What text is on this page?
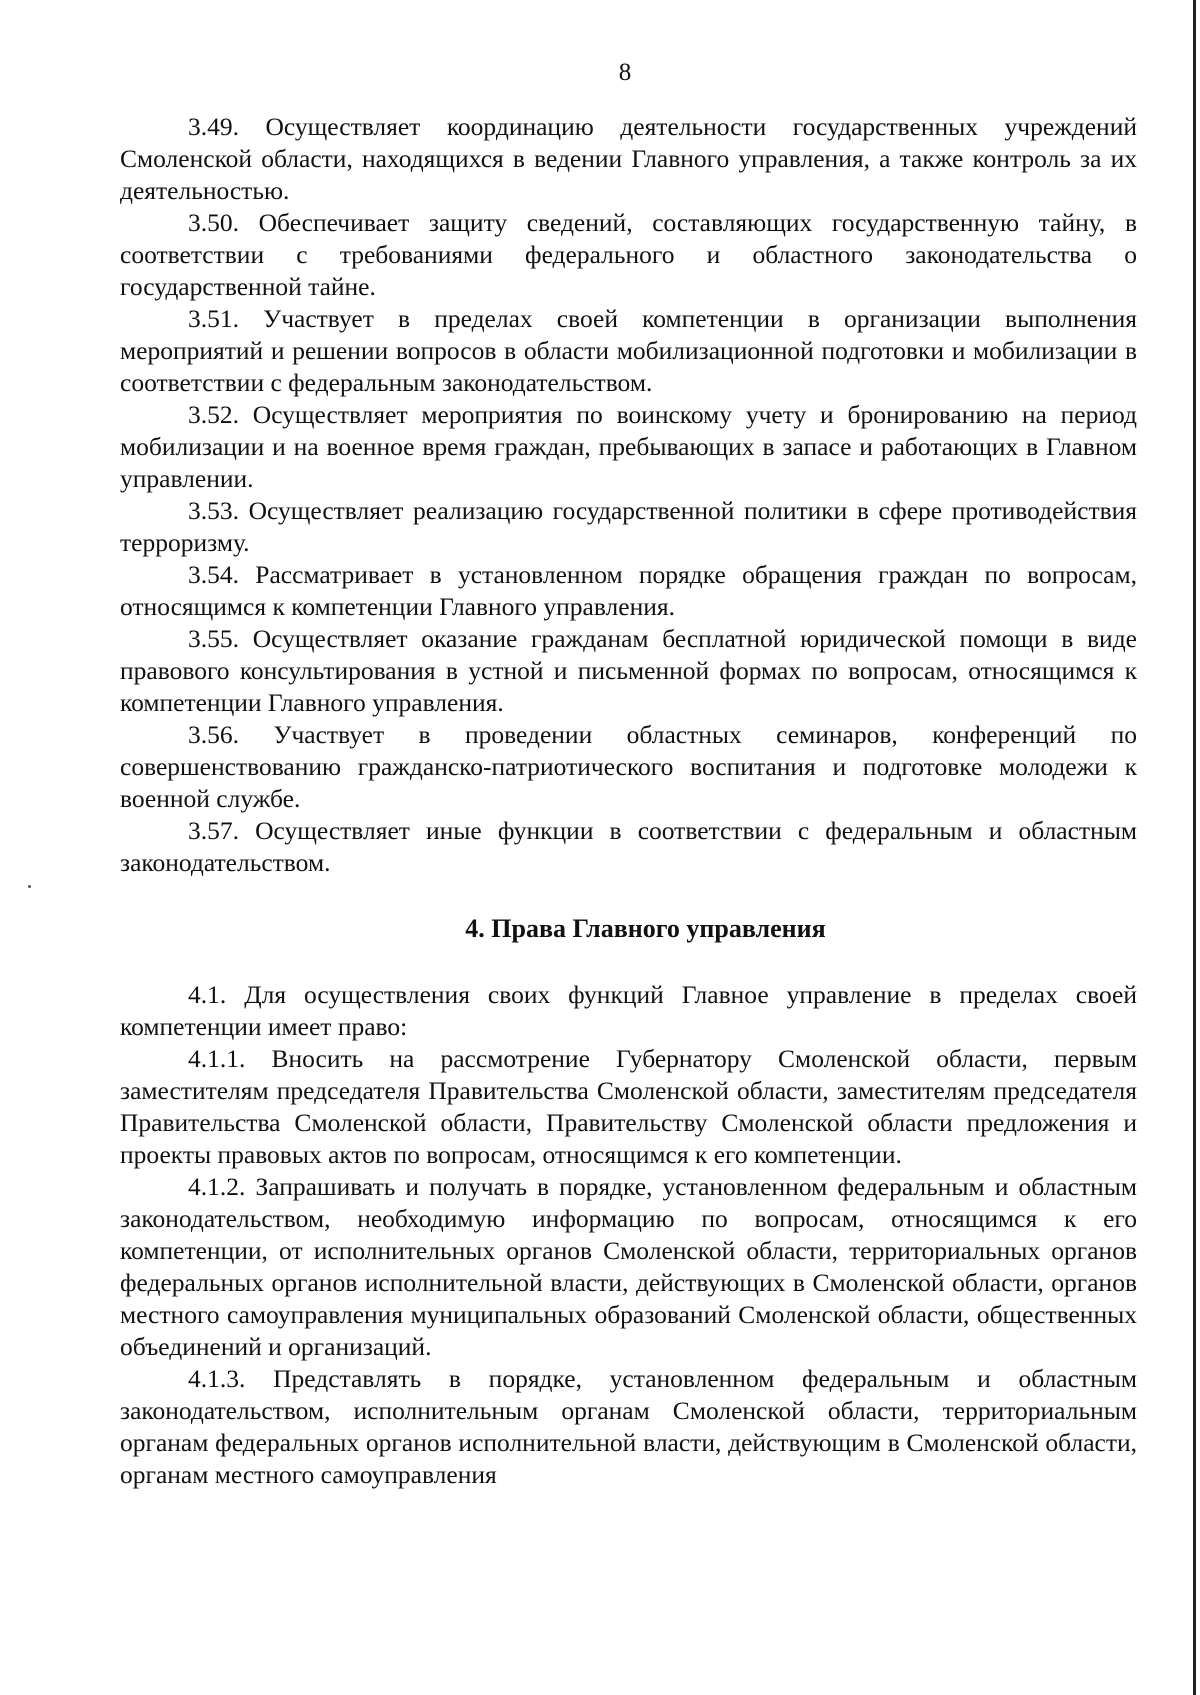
8

3.49. Осуществляет координацию деятельности государственных учреждений Смоленской области, находящихся в ведении Главного управления, а также контроль за их деятельностью.

3.50. Обеспечивает защиту сведений, составляющих государственную тайну, в соответствии с требованиями федерального и областного законодательства о государственной тайне.

3.51. Участвует в пределах своей компетенции в организации выполнения мероприятий и решении вопросов в области мобилизационной подготовки и мобилизации в соответствии с федеральным законодательством.

3.52. Осуществляет мероприятия по воинскому учету и бронированию на период мобилизации и на военное время граждан, пребывающих в запасе и работающих в Главном управлении.

3.53. Осуществляет реализацию государственной политики в сфере противодействия терроризму.

3.54. Рассматривает в установленном порядке обращения граждан по вопросам, относящимся к компетенции Главного управления.

3.55. Осуществляет оказание гражданам бесплатной юридической помощи в виде правового консультирования в устной и письменной формах по вопросам, относящимся к компетенции Главного управления.

3.56. Участвует в проведении областных семинаров, конференций по совершенствованию гражданско-патриотического воспитания и подготовке молодежи к военной службе.

3.57. Осуществляет иные функции в соответствии с федеральным и областным законодательством.

4. Права Главного управления

4.1. Для осуществления своих функций Главное управление в пределах своей компетенции имеет право:

4.1.1. Вносить на рассмотрение Губернатору Смоленской области, первым заместителям председателя Правительства Смоленской области, заместителям председателя Правительства Смоленской области, Правительству Смоленской области предложения и проекты правовых актов по вопросам, относящимся к его компетенции.

4.1.2. Запрашивать и получать в порядке, установленном федеральным и областным законодательством, необходимую информацию по вопросам, относящимся к его компетенции, от исполнительных органов Смоленской области, территориальных органов федеральных органов исполнительной власти, действующих в Смоленской области, органов местного самоуправления муниципальных образований Смоленской области, общественных объединений и организаций.

4.1.3. Представлять в порядке, установленном федеральным и областным законодательством, исполнительным органам Смоленской области, территориальным органам федеральных органов исполнительной власти, действующим в Смоленской области, органам местного самоуправления
